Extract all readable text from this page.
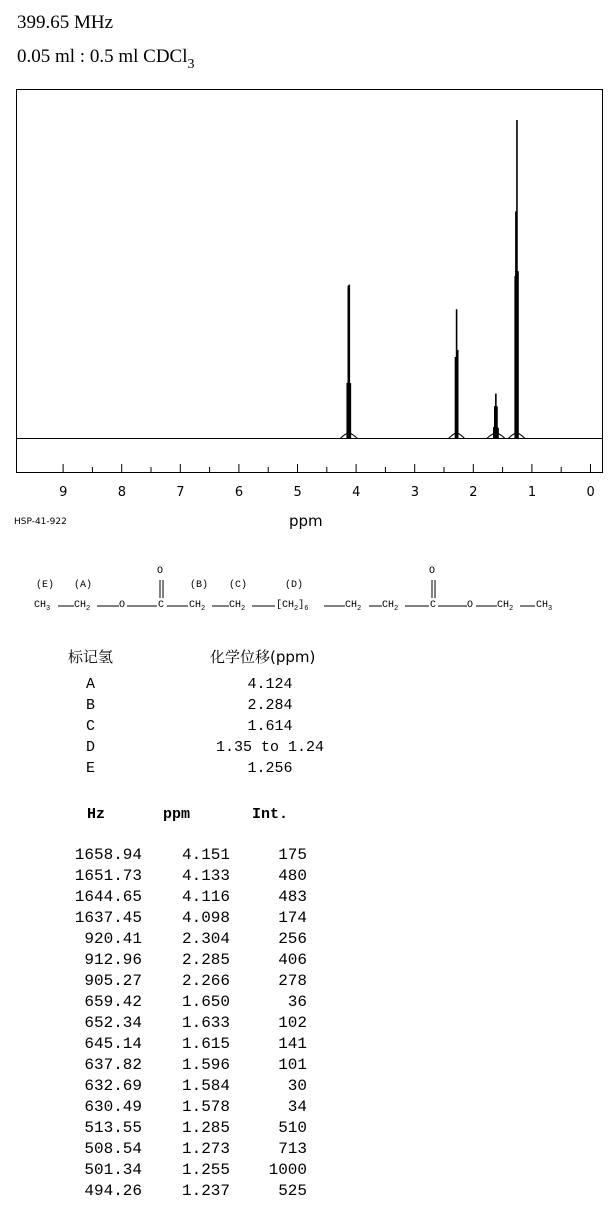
399.65 MHz
0.05 ml : 0.5 ml CDCl$_3$
9	8	7	6	5	4	3	2	1	0
HSP-41-922	ppm
(E) (A)	(B) (C)	(D)
O	O
$CH_3$ $CH_2$	O	C $CH_2$ $CH_2$	$[CH_2]_6$	$CH_2$ $CH_2$	C	O $CH_2$ $CH_3$
标记氢	化学位移(ppm)
A	4.124
B	2.284
C	1.614
D	1.35 to 1.24
E	1.256
Hz	ppm	Int.
1658.94	4.151	175
1651.73	4.133	480
1644.65	4.116	483
1637.45	4.098	174
920.41	2.304	256
912.96	2.285	406
905.27	2.266	278
659.42	1.650	36
652.34	1.633	102
645.14	1.615	141
637.82	1.596	101
632.69	1.584	30
630.49	1.578	34
513.55	1.285	510
508.54	1.273	713
501.34	1.255	1000
494.26	1.237	525
